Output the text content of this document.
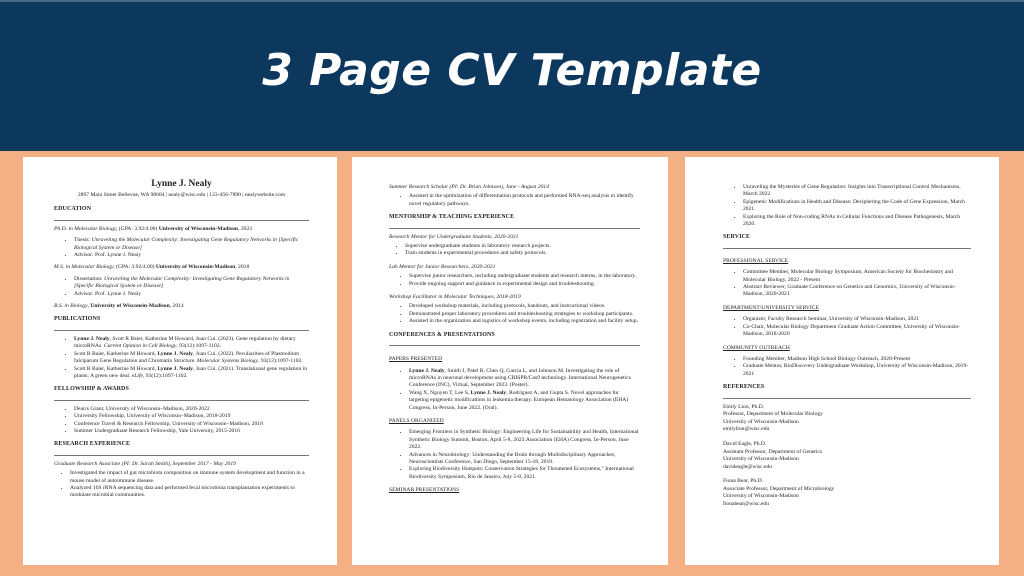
3 Page CV Template
Lynne J. Nealy
2897 Main Street Bellevue, WA 98004 | nealy@wisc.edu | 123-456-7890 | nealywebsite.com
EDUCATION
Ph.D. in Molecular Biology, (GPA: 3.92/4.00) University of Wisconsin-Madison, 2023
• Thesis: Unraveling the Molecular Complexity: Investigating Gene Regulatory Networks in [Specific Biological System or Disease]
• Advisor: Prof. Lynne J. Nealy
M.S. in Molecular Biology, (GPA: 3.92/4.00) University of Wisconsin-Madison, 2018
• Dissertation: Unraveling the Molecular Complexity: Investigating Gene Regulatory Networks in [Specific Biological System or Disease]
• Advisor: Prof. Lynne J. Nealy
B.S. in Biology, University of Wisconsin-Madison, 2014
PUBLICATIONS
• Lynne J. Nealy, Scott R Baier, Katherine M Howard, Juan Cui. (2023). Gene regulation by dietary microRNAs. Current Opinion in Cell Biology, 93(12):1097-1102.
• Scott R Baier, Katherine M Howard, Lynne J. Nealy, Juan Cui. (2022). Peculiarities of Plasmodium falciparum Gene Regulation and Chromatin Structure. Molecular Systems Biology, 93(12):1097-1102.
• Scott R Baier, Katherine M Howard, Lynne J. Nealy, Juan Cui. (2021). Translational gene regulation in plants: A green new deal. eLife, 93(12):1097-1102.
FELLOWSHIP & AWARDS
• Dean's Grant, University of Wisconsin–Madison, 2020-2022
• University Fellowship, University of Wisconsin–Madison, 2018-2019
• Conference Travel & Research Fellowship, University of Wisconsin–Madison, 2018
• Summer Undergraduate Research Fellowship, Yale University, 2015-2016
RESEARCH EXPERIENCE
Graduate Research Associate (PI: Dr. Sarah Smith), September 2017 - May 2019
• Investigated the impact of gut microbiota composition on immune system development and function in a mouse model of autoimmune disease.
• Analyzed 16S rRNA sequencing data and performed fecal microbiota transplantation experiments to modulate microbial communities.
Summer Research Scholar (PI: Dr. Brian Johnson), June - August 2014
• Assisted in the optimization of differentiation protocols and performed RNA-seq analysis to identify novel regulatory pathways.
MENTORSHIP & TEACHING EXPERIENCE
Research Mentor for Undergraduate Students, 2020-2021
• Supervise undergraduate students in laboratory research projects.
• Train students in experimental procedures and safety protocols.
Lab Mentor for Junior Researchers, 2020-2021
• Supervise junior researchers, including undergraduate students and research interns, in the laboratory.
• Provide ongoing support and guidance in experimental design and troubleshooting.
Workshop Facilitator in Molecular Techniques, 2018-2019
• Developed workshop materials, including protocols, handouts, and instructional videos.
• Demonstrated proper laboratory procedures and troubleshooting strategies to workshop participants.
• Assisted in the organization and logistics of workshop events, including registration and facility setup.
CONFERENCES & PRESENTATIONS
PAPERS PRESENTED
• Lynne J. Nealy, Smith J, Patel R, Chen Q, Garcia L, and Johnson M. Investigating the role of microRNAs in neuronal development using CRISPR/Cas9 technology. International Neurogenetics Conference (INC), Virtual, September 2023. (Poster).
• Wang X, Nguyen T, Lee S, Lynne J. Nealy, Rodriguez A, and Gupta S. Novel approaches for targeting epigenetic modifications in leukemia therapy. European Hematology Association (EHA) Congress, In-Person, June 2022. (Oral).
PANELS ORGANIZED
• Emerging Frontiers in Synthetic Biology: Engineering Life for Sustainability and Health, International Synthetic Biology Summit, Boston, April 5-8, 2023.Association (EHA) Congress, In-Person, June 2022.
• Advances in Neurobiology: Understanding the Brain through Multidisciplinary Approaches, Neuroscientists Conference, San Diego, September 15-18, 2019.
• Exploring Biodiversity Hotspots: Conservation Strategies for Threatened Ecosystems," International Biodiversity Symposium, Rio de Janeiro, July 5-8, 2021.
SEMINAR PRESENTATIONS
• Unraveling the Mysteries of Gene Regulation: Insights into Transcriptional Control Mechanisms, March 2022.
• Epigenetic Modifications in Health and Disease: Deciphering the Code of Gene Expression, March 2021.
• Exploring the Role of Non-coding RNAs in Cellular Functions and Disease Pathogenesis, March 2020.
SERVICE
PROFESSIONAL SERVICE
• Committee Member, Molecular Biology Symposium, American Society for Biochemistry and Molecular Biology, 2022 - Present
• Abstract Reviewer, Graduate Conference on Genetics and Genomics, University of Wisconsin-Madison, 2020-2021
DEPARTMENT/UNIVERSITY SERVICE
• Organizer, Faculty Research Seminar, University of Wisconsin-Madison, 2021
• Co-Chair, Molecular Biology Department Graduate Action Committee, University of Wisconsin-Madison, 2018-2020
COMMUNITY OUTREACH
• Founding Member, Madison High School Biology Outreach, 2020-Present
• Graduate Mentor, BioDiscovery Undergraduate Workshop, University of Wisconsin-Madison, 2019-2021
REFERENCES
Emily Lion, Ph.D.
Professor, Department of Molecular Biology
University of Wisconsin-Madison
emilylion@wisc.edu
David Eagle, Ph.D.
Assistant Professor, Department of Genetics
University of Wisconsin-Madison
davideagle@wisc.edu
Fiona Bear, Ph.D.
Associate Professor, Department of Microbiology
University of Wisconsin-Madison
fionabear@wisc.edu
